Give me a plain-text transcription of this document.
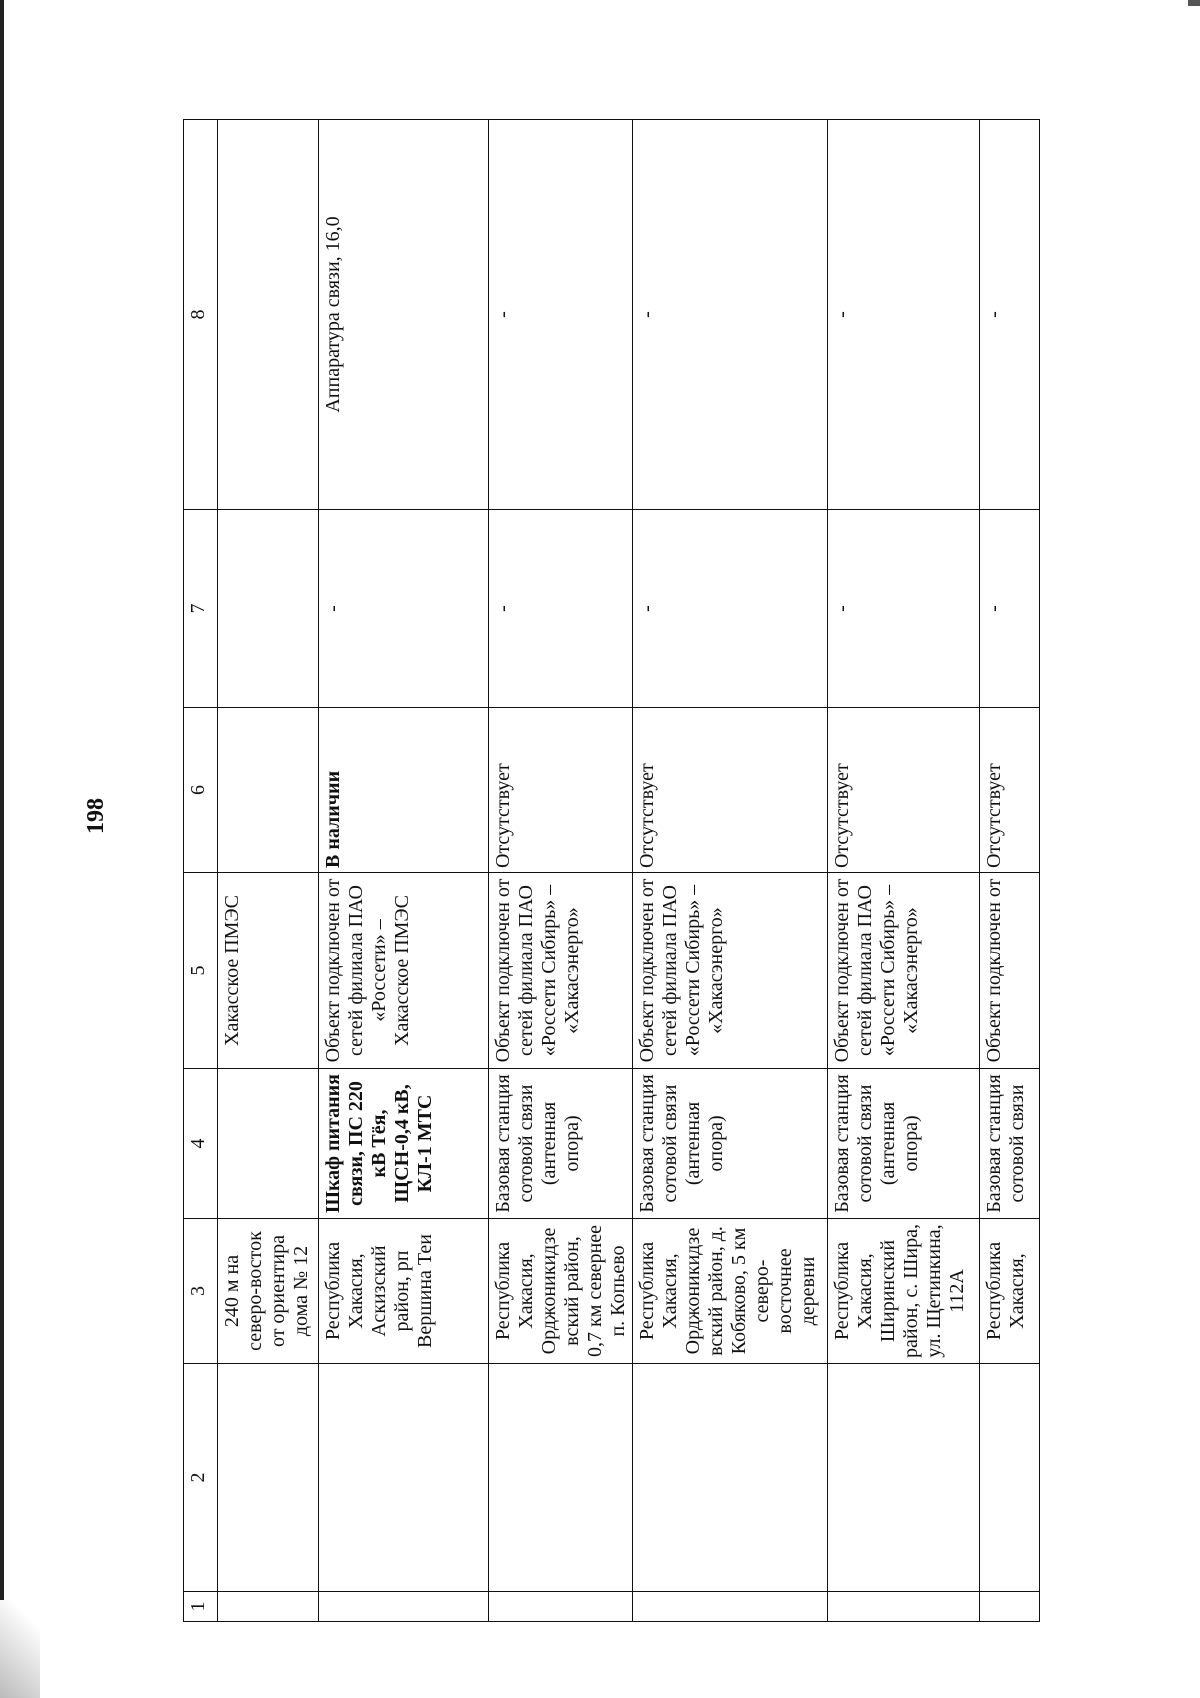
198
1	2	3	4	5	6	7	8
		240 м на северо-восток от ориентира дома № 12		Хакасское ПМЭС			
		Республика Хакасия, Аскизский район, рп Вершина Теи	Шкаф питания связи, ПС 220 кВ Тёя, ЩСН-0,4 кВ, КЛ-1 МТС	Объект подключен от сетей филиала ПАО «Россети» – Хакасское ПМЭС	В наличии	-	Аппаратура связи, 16,0
		Республика Хакасия, Орджоникидзевский район, 0,7 км севернее п. Копьево	Базовая станция сотовой связи (антенная опора)	Объект подключен от сетей филиала ПАО «Россети Сибирь» – «Хакасэнерго»	Отсутствует	-	-
		Республика Хакасия, Орджоникидзевский район, д. Кобяково, 5 км северо-восточнее деревни	Базовая станция сотовой связи (антенная опора)	Объект подключен от сетей филиала ПАО «Россети Сибирь» – «Хакасэнерго»	Отсутствует	-	-
		Республика Хакасия, Ширинский район, с. Шира, ул. Щетинкина, 112А	Базовая станция сотовой связи (антенная опора)	Объект подключен от сетей филиала ПАО «Россети Сибирь» – «Хакасэнерго»	Отсутствует	-	-
		Республика Хакасия,	Базовая станция сотовой связи	Объект подключен от	Отсутствует	-	-
